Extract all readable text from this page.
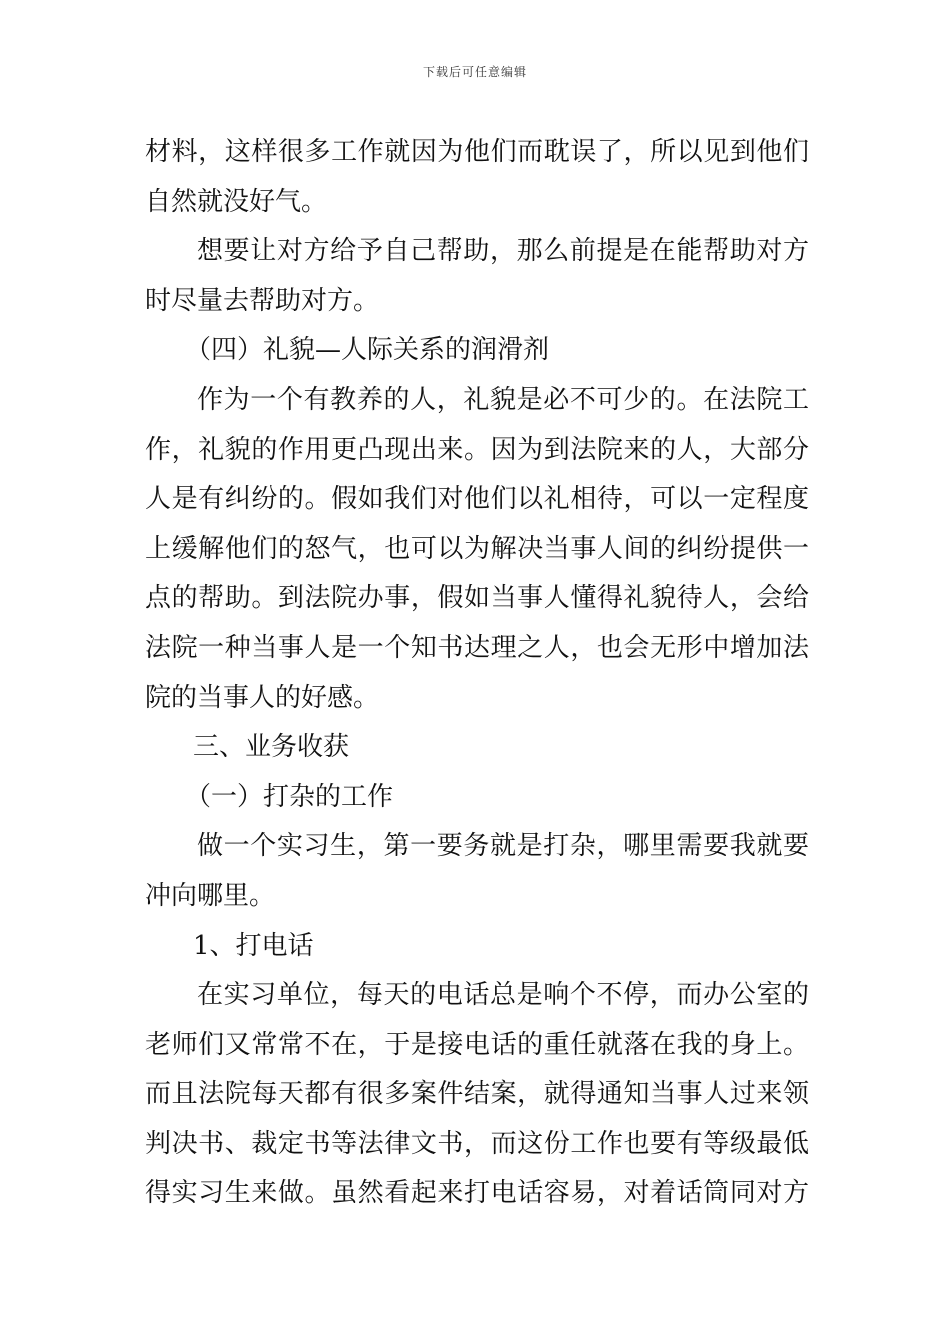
下载后可任意编辑
材料，这样很多工作就因为他们而耽误了，所以见到他们
自然就没好气。
想要让对方给予自己帮助，那么前提是在能帮助对方
时尽量去帮助对方。
（四）礼貌—人际关系的润滑剂
作为一个有教养的人，礼貌是必不可少的。在法院工
作，礼貌的作用更凸现出来。因为到法院来的人，大部分
人是有纠纷的。假如我们对他们以礼相待，可以一定程度
上缓解他们的怒气，也可以为解决当事人间的纠纷提供一
点的帮助。到法院办事，假如当事人懂得礼貌待人，会给
法院一种当事人是一个知书达理之人，也会无形中增加法
院的当事人的好感。
三、业务收获
（一）打杂的工作
做一个实习生，第一要务就是打杂，哪里需要我就要
冲向哪里。
1、打电话
在实习单位，每天的电话总是响个不停，而办公室的
老师们又常常不在，于是接电话的重任就落在我的身上。
而且法院每天都有很多案件结案，就得通知当事人过来领
判决书、裁定书等法律文书，而这份工作也要有等级最低
得实习生来做。虽然看起来打电话容易，对着话筒同对方
